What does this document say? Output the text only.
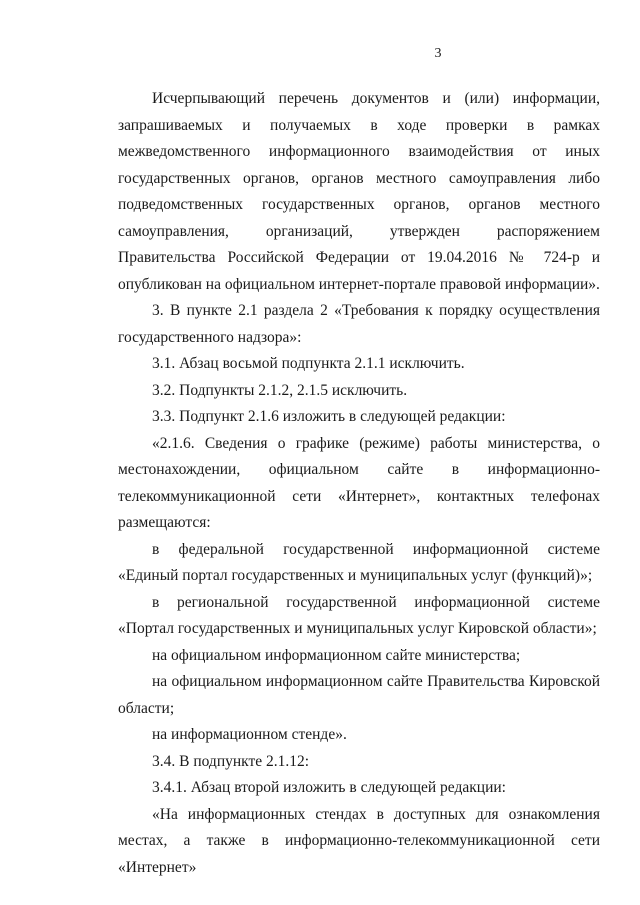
3

Исчерпывающий перечень документов и (или) информации, запрашиваемых и получаемых в ходе проверки в рамках межведомственного информационного взаимодействия от иных государственных органов, органов местного самоуправления либо подведомственных государственных органов, органов местного самоуправления, организаций, утвержден распоряжением Правительства Российской Федерации от 19.04.2016 № 724-р и опубликован на официальном интернет-портале правовой информации».

3. В пункте 2.1 раздела 2 «Требования к порядку осуществления государственного надзора»:

3.1. Абзац восьмой подпункта 2.1.1 исключить.

3.2. Подпункты 2.1.2, 2.1.5 исключить.

3.3. Подпункт 2.1.6 изложить в следующей редакции:

«2.1.6. Сведения о графике (режиме) работы министерства, о местонахождении, официальном сайте в информационно-телекоммуникационной сети «Интернет», контактных телефонах размещаются:

в федеральной государственной информационной системе «Единый портал государственных и муниципальных услуг (функций)»;

в региональной государственной информационной системе «Портал государственных и муниципальных услуг Кировской области»;

на официальном информационном сайте министерства;

на официальном информационном сайте Правительства Кировской области;

на информационном стенде».

3.4. В подпункте 2.1.12:

3.4.1. Абзац второй изложить в следующей редакции:

«На информационных стендах в доступных для ознакомления местах, а также в информационно-телекоммуникационной сети «Интернет»
